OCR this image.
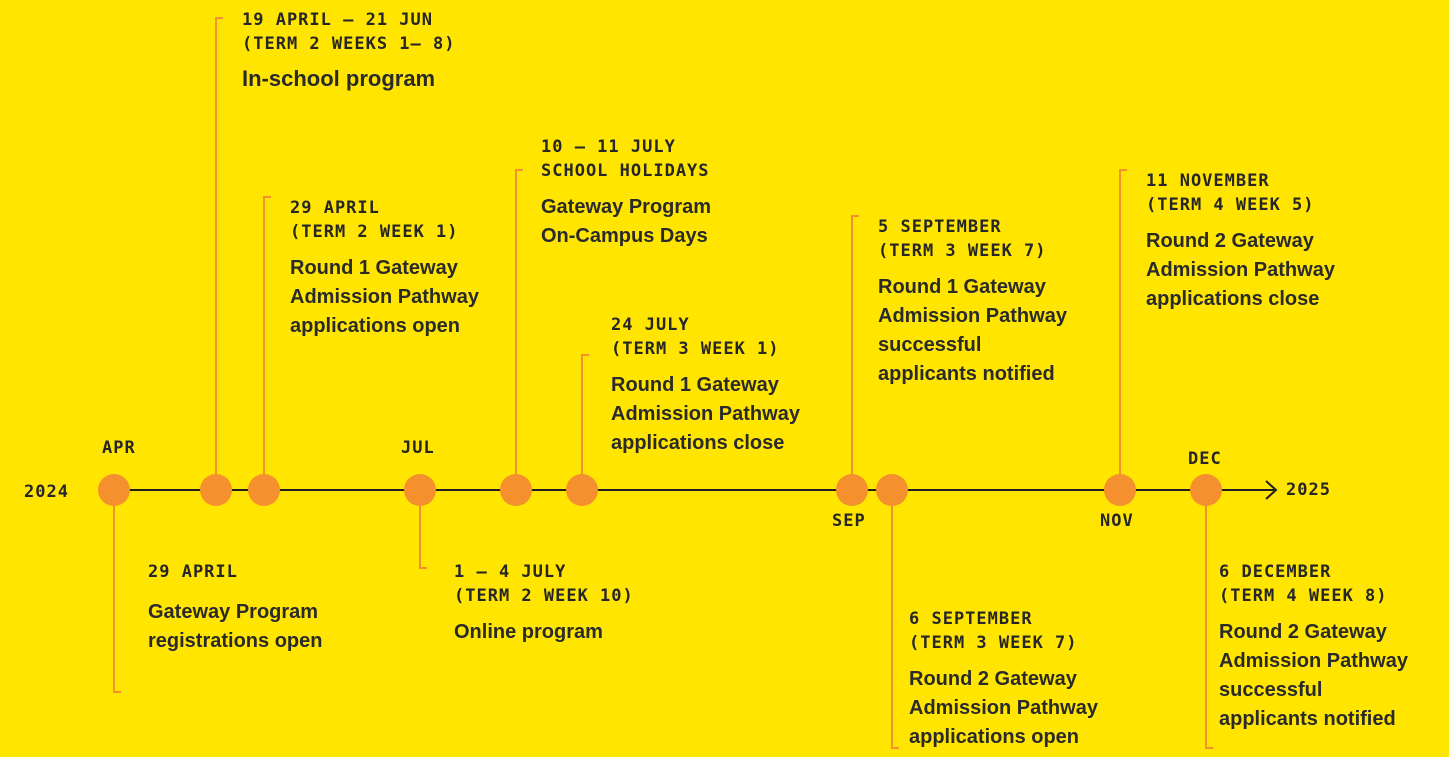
2024	2025
APR	JUL
SEP	NOV
DEC
19 APRIL – 21 JUN
(TERM 2 WEEKS 1– 8)
In-school program
29 APRIL
(TERM 2 WEEK 1)
Round 1 Gateway
Admission Pathway
applications open
29 APRIL
Gateway Program
registrations open
1 – 4 JULY
(TERM 2 WEEK 10)
Online program
10 – 11 JULY
SCHOOL HOLIDAYS
Gateway Program
On-Campus Days
24 JULY
(TERM 3 WEEK 1)
Round 1 Gateway
Admission Pathway
applications close
5 SEPTEMBER
(TERM 3 WEEK 7)
Round 1 Gateway
Admission Pathway
successful
applicants notified
6 SEPTEMBER
(TERM 3 WEEK 7)
Round 2 Gateway
Admission Pathway
applications open
11 NOVEMBER
(TERM 4 WEEK 5)
Round 2 Gateway
Admission Pathway
applications close
6 DECEMBER
(TERM 4 WEEK 8)
Round 2 Gateway
Admission Pathway
successful
applicants notified
